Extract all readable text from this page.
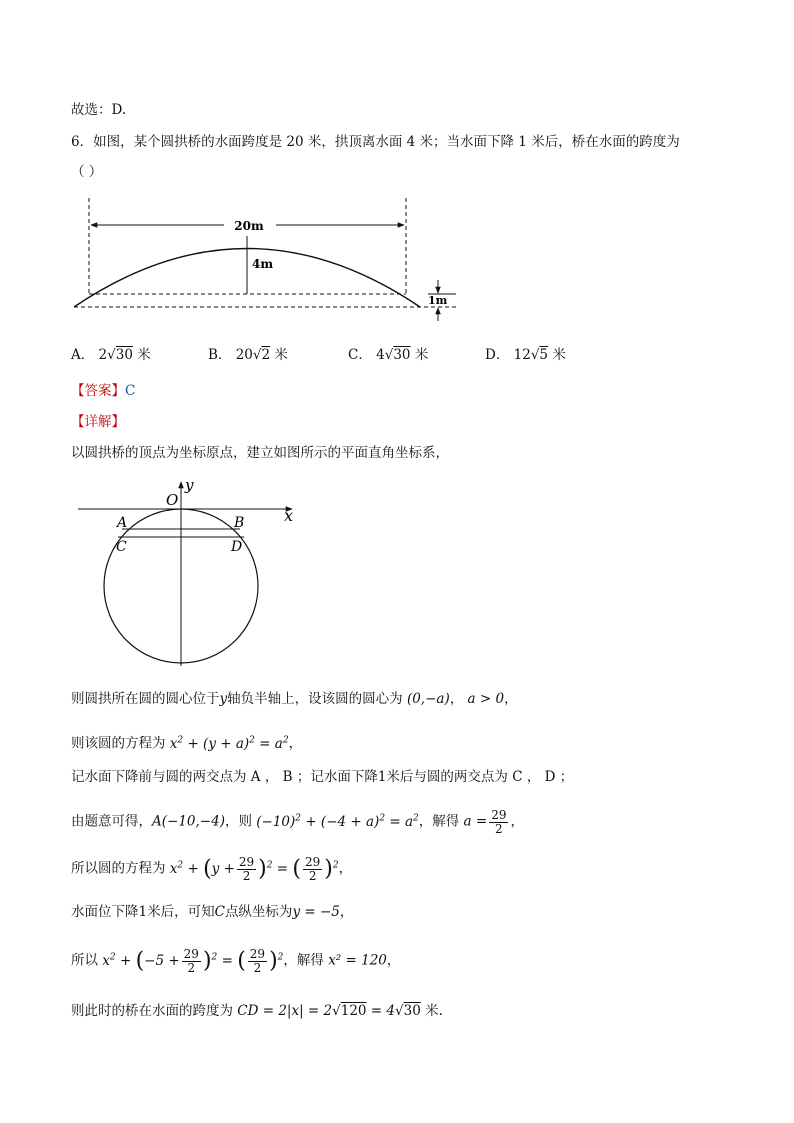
故选：D.
6．如图，某个圆拱桥的水面跨度是 20 米，拱顶离水面 4 米；当水面下降 1 米后，桥在水面的跨度为
（ ）
20m
4m
1m
A． 2√30 米	B． 20√2 米	C． 4√30 米	D． 12√5 米
【答案】C
【详解】
以圆拱桥的顶点为坐标原点，建立如图所示的平面直角坐标系，
O
y
x
A	B
C	D
则圆拱所在圆的圆心位于y轴负半轴上，设该圆的圆心为 (0,−a)， a > 0，
则该圆的方程为 $x^2 + (y + a)^2 = a^2$，
记水面下降前与圆的两交点为 A ， B ；记水面下降1米后与圆的两交点为 C ， D ；
由题意可得，A(−10,−4)，则 $(-10)^2 + (-4 + a)^2 = a^2$，解得 $a = \frac{29}{2}$ ，
所以圆的方程为 $x^2 + (y + \frac{29}{2} )^2$ = ( $\frac{29}{2} )^2$，
水面位下降1米后，可知C点纵坐标为y = −5，
所以 $x^2 + (-5 + \frac{29}{2} )^2$ = ( $\frac{29}{2} )^2$，解得 x² = 120，
则此时的桥在水面的跨度为 CD = 2|x| = 2√120 = 4√30 米.
